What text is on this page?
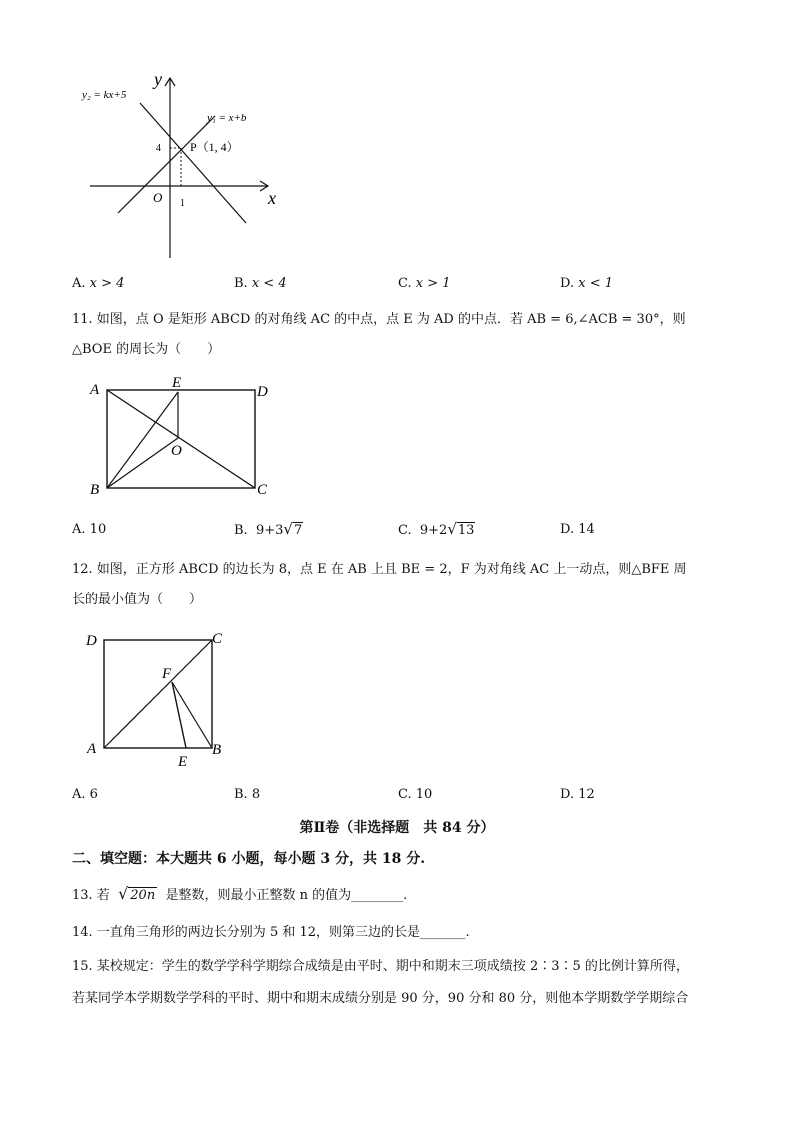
y₂ = kx+5
y₁ = x+b
P（1, 4）
y
x
O 1
4
A. x > 4	B. x < 4	C. x > 1	D. x < 1
11. 如图，点 O 是矩形 ABCD 的对角线 AC 的中点，点 E 为 AD 的中点．若 AB = 6,∠ACB = 30°，则
△BOE 的周长为（　　）
A	E
D
O
B	C
A. 10	B. 9+3√7	C. 9+2√13	D. 14
12. 如图，正方形 ABCD 的边长为 8，点 E 在 AB 上且 BE = 2，F 为对角线 AC 上一动点，则△BFE 周
长的最小值为（　　）
D	C
F
A	B
E
A. 6	B. 8	C. 10	D. 12
第Ⅱ卷（非选择题　共 84 分）
二、填空题：本大题共 6 小题，每小题 3 分，共 18 分.
13. 若 √ 20n 是整数，则最小正整数 n 的值为________.
14. 一直角三角形的两边长分别为 5 和 12，则第三边的长是_______.
15. 某校规定：学生的数学学科学期综合成绩是由平时、期中和期末三项成绩按 2∶3∶5 的比例计算所得，
若某同学本学期数学学科的平时、期中和期末成绩分别是 90 分，90 分和 80 分，则他本学期数学学期综合
